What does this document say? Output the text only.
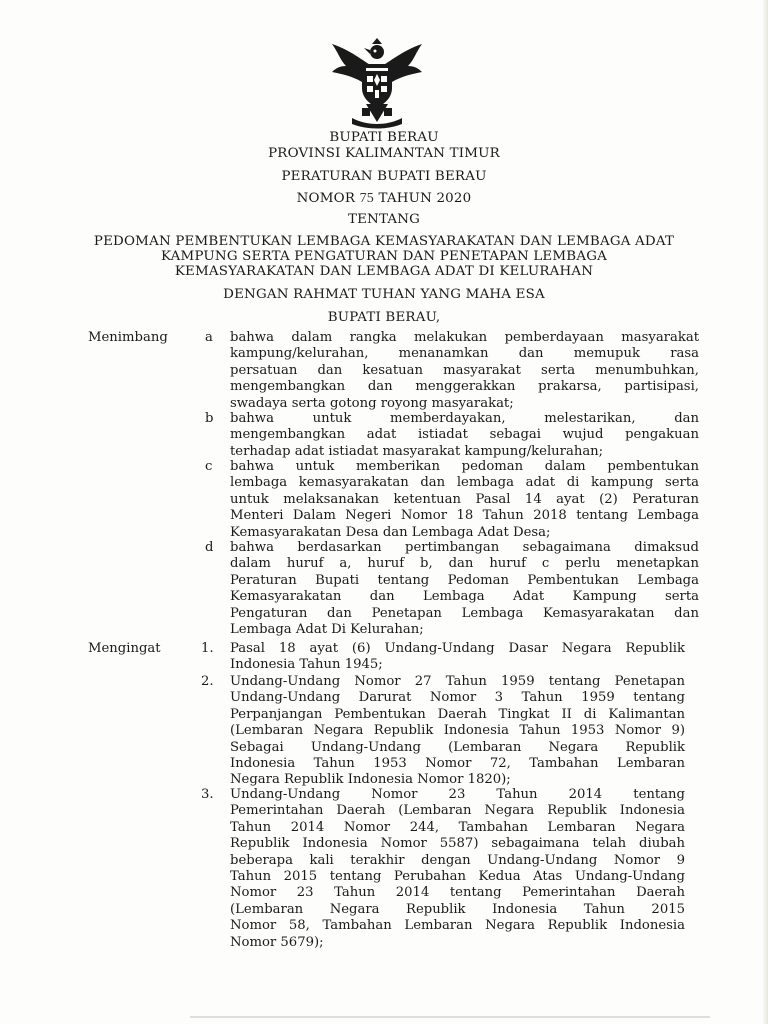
BUPATI BERAU
PROVINSI KALIMANTAN TIMUR
PERATURAN BUPATI BERAU
NOMOR 75 TAHUN 2020
TENTANG
PEDOMAN PEMBENTUKAN LEMBAGA KEMASYARAKATAN DAN LEMBAGA ADAT
KAMPUNG SERTA PENGATURAN DAN PENETAPAN LEMBAGA
KEMASYARAKATAN DAN LEMBAGA ADAT DI KELURAHAN
DENGAN RAHMAT TUHAN YANG MAHA ESA
BUPATI BERAU,
Menimbang	a bahwa dalam rangka melakukan pemberdayaan masyarakat
kampung/kelurahan, menanamkan dan memupuk rasa
persatuan dan kesatuan masyarakat serta menumbuhkan,
mengembangkan dan menggerakkan prakarsa, partisipasi,
swadaya serta gotong royong masyarakat;
b bahwa untuk memberdayakan, melestarikan, dan
mengembangkan adat istiadat sebagai wujud pengakuan
terhadap adat istiadat masyarakat kampung/kelurahan;
c bahwa untuk memberikan pedoman dalam pembentukan
lembaga kemasyarakatan dan lembaga adat di kampung serta
untuk melaksanakan ketentuan Pasal 14 ayat (2) Peraturan
Menteri Dalam Negeri Nomor 18 Tahun 2018 tentang Lembaga
Kemasyarakatan Desa dan Lembaga Adat Desa;
d bahwa berdasarkan pertimbangan sebagaimana dimaksud
dalam huruf a, huruf b, dan huruf c perlu menetapkan
Peraturan Bupati tentang Pedoman Pembentukan Lembaga
Kemasyarakatan dan Lembaga Adat Kampung serta
Pengaturan dan Penetapan Lembaga Kemasyarakatan dan
Lembaga Adat Di Kelurahan;
Mengingat	1. Pasal 18 ayat (6) Undang-Undang Dasar Negara Republik
Indonesia Tahun 1945;
2. Undang-Undang Nomor 27 Tahun 1959 tentang Penetapan
Undang-Undang Darurat Nomor 3 Tahun 1959 tentang
Perpanjangan Pembentukan Daerah Tingkat II di Kalimantan
(Lembaran Negara Republik Indonesia Tahun 1953 Nomor 9)
Sebagai Undang-Undang (Lembaran Negara Republik
Indonesia Tahun 1953 Nomor 72, Tambahan Lembaran
Negara Republik Indonesia Nomor 1820);
3. Undang-Undang Nomor 23 Tahun 2014 tentang
Pemerintahan Daerah (Lembaran Negara Republik Indonesia
Tahun 2014 Nomor 244, Tambahan Lembaran Negara
Republik Indonesia Nomor 5587) sebagaimana telah diubah
beberapa kali terakhir dengan Undang-Undang Nomor 9
Tahun 2015 tentang Perubahan Kedua Atas Undang-Undang
Nomor 23 Tahun 2014 tentang Pemerintahan Daerah
(Lembaran Negara Republik Indonesia Tahun 2015
Nomor 58, Tambahan Lembaran Negara Republik Indonesia
Nomor 5679);
